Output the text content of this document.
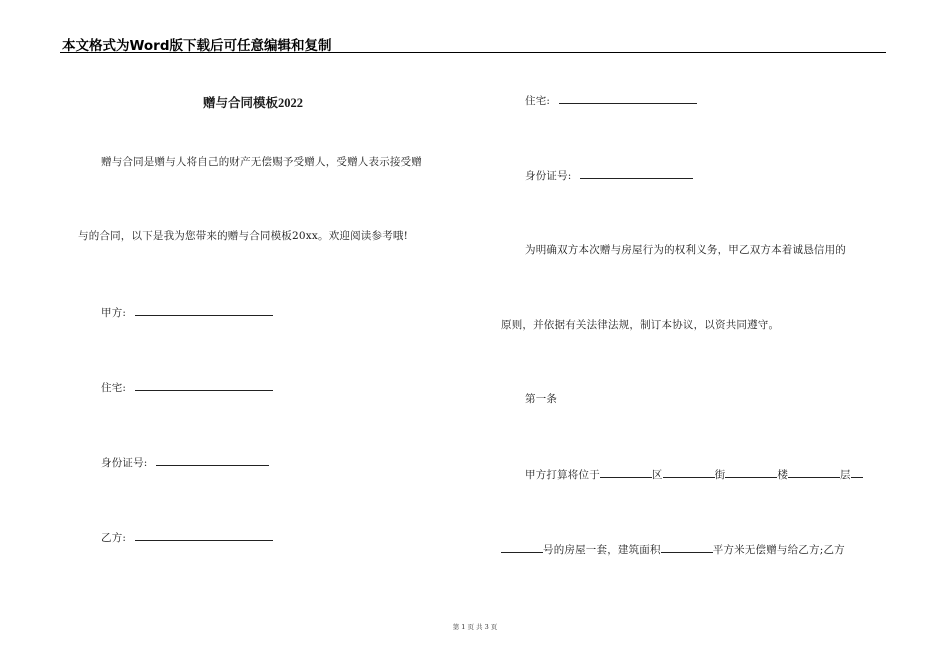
本文格式为Word版下载后可任意编辑和复制
赠与合同模板2022
赠与合同是赠与人将自己的财产无偿赐予受赠人，受赠人表示接受赠
与的合同，以下是我为您带来的赠与合同模板20xx。欢迎阅读参考哦!
甲方:
住宅:
身份证号:
乙方:
住宅:
身份证号:
为明确双方本次赠与房屋行为的权利义务，甲乙双方本着诚恳信用的
原则，并依据有关法律法规，制订本协议，以资共同遵守。
第一条
甲方打算将位于	区	街	楼	层
号的房屋一套，建筑面积	平方米无偿赠与给乙方;乙方
第 1 页 共 3 页
